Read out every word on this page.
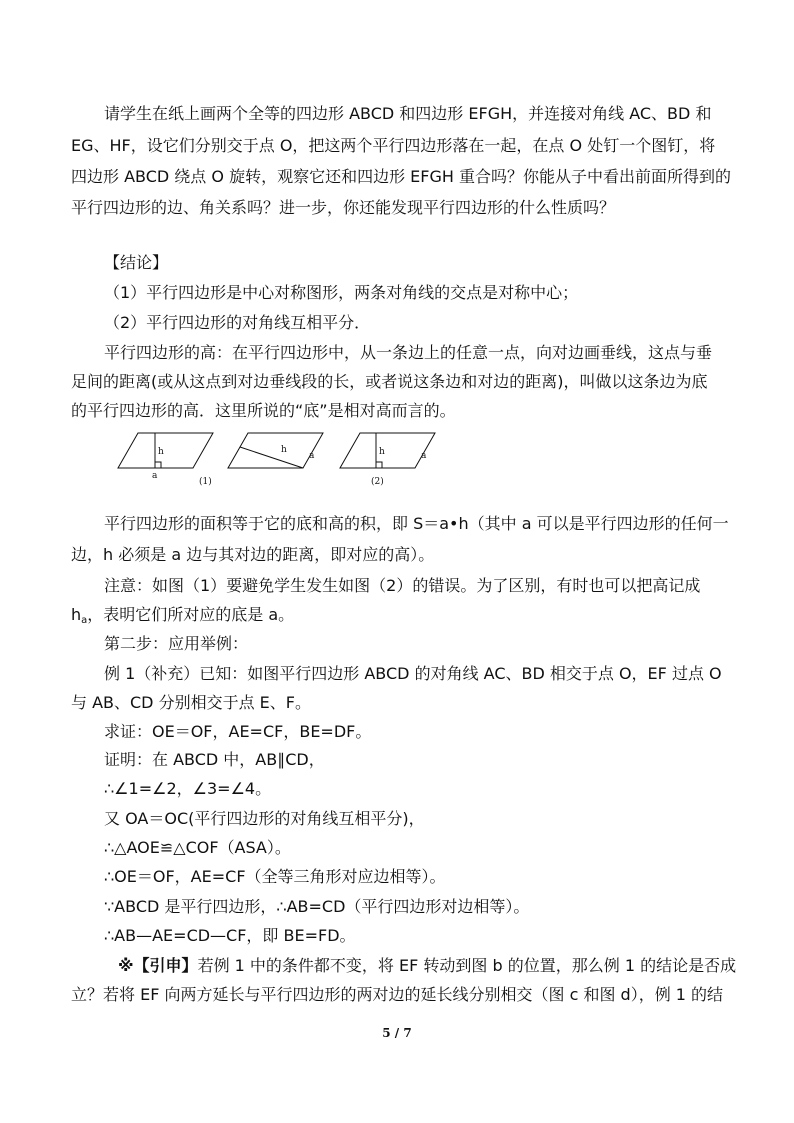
请学生在纸上画两个全等的四边形 ABCD 和四边形 EFGH，并连接对角线 AC、BD 和
EG、HF，设它们分别交于点 O，把这两个平行四边形落在一起，在点 O 处钉一个图钉，将
四边形 ABCD 绕点 O 旋转，观察它还和四边形 EFGH 重合吗？你能从子中看出前面所得到的
平行四边形的边、角关系吗？进一步，你还能发现平行四边形的什么性质吗？
【结论】
（1）平行四边形是中心对称图形，两条对角线的交点是对称中心；
（2）平行四边形的对角线互相平分．
平行四边形的高：在平行四边形中，从一条边上的任意一点，向对边画垂线，这点与垂
足间的距离(或从这点到对边垂线段的长，或者说这条边和对边的距离)，叫做以这条边为底
的平行四边形的高．这里所说的“底”是相对高而言的。
h
a
(1)
h
a	h	a
(2)
平行四边形的面积等于它的底和高的积，即 S＝a•h（其中 a 可以是平行四边形的任何一
边，h 必须是 a 边与其对边的距离，即对应的高）。
注意：如图（1）要避免学生发生如图（2）的错误。为了区别，有时也可以把高记成
$h_a$，表明它们所对应的底是 a。
第二步：应用举例：
例 1（补充）已知：如图平行四边形 ABCD 的对角线 AC、BD 相交于点 O，EF 过点 O
与 AB、CD 分别相交于点 E、F。
求证：OE＝OF，AE=CF，BE=DF。
证明：在 ABCD 中，AB∥CD，
∴∠1=∠2，∠3=∠4。
又 OA＝OC(平行四边形的对角线互相平分)，
∴△AOE≌△COF（ASA）。
∴OE＝OF，AE=CF（全等三角形对应边相等）。
∵ABCD 是平行四边形，∴AB=CD（平行四边形对边相等）。
∴AB—AE=CD—CF，即 BE=FD。
※【引申】若例 1 中的条件都不变，将 EF 转动到图 b 的位置，那么例 1 的结论是否成
立？若将 EF 向两方延长与平行四边形的两对边的延长线分别相交（图 c 和图 d），例 1 的结
5 / 7
